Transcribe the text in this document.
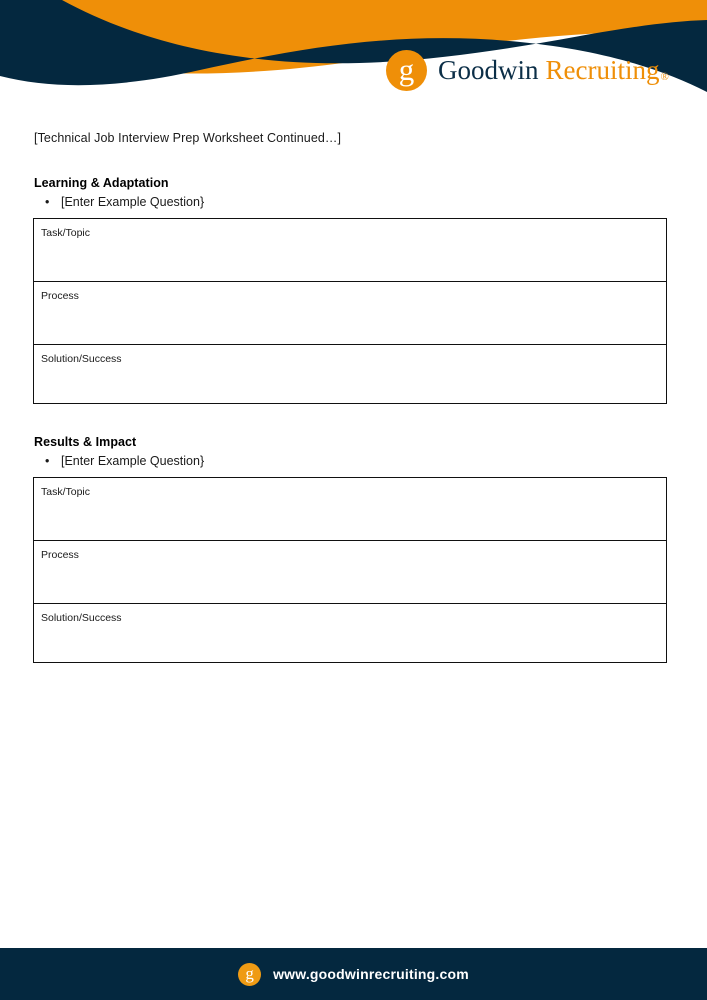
g Goodwin Recruiting ®

[Technical Job Interview Prep Worksheet Continued…]

Learning & Adaptation
• [Enter Example Question}
Task/Topic
Process
Solution/Success
Results & Impact
• [Enter Example Question}
Task/Topic
Process
Solution/Success
g www.goodwinrecruiting.com
